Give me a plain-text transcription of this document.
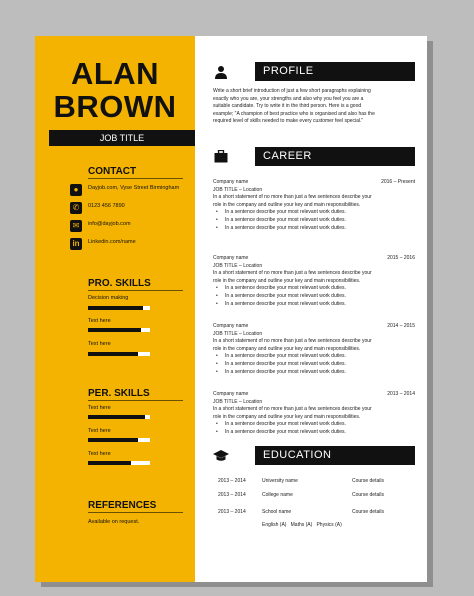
ALAN
BROWN
JOB TITLE
CONTACT
●	Dayjob.com, Vyse Street Birmingham
✆	0123 456 7890
✉	info@dayjob.com
in	Linkedin.com/name
PRO. SKILLS
Decision making
Text here
Text here
PER. SKILLS
Text here
Text here
Text here
REFERENCES
Available on request.
PROFILE
Write a short brief introduction of just a few short paragraphs explaining
exactly who you are, your strengths and also why you feel you are a
suitable candidate. Try to write it in the third person. Here is a good
example; "A champion of best practice who is organised and also has the
required level of skills needed to make every customer feel special."
CAREER
Company name	2016 – Present
JOB TITLE – Location
In a short statement of no more than just a few sentences describe your
role in the company and outline your key and main responsibilities.
• In a sentence describe your most relevant work duties.
• In a sentence describe your most relevant work duties.
• In a sentence describe your most relevant work duties.
Company name	2015 – 2016
JOB TITLE – Location
In a short statement of no more than just a few sentences describe your
role in the company and outline your key and main responsibilities.
• In a sentence describe your most relevant work duties.
• In a sentence describe your most relevant work duties.
• In a sentence describe your most relevant work duties.
Company name	2014 – 2015
JOB TITLE – Location
In a short statement of no more than just a few sentences describe your
role in the company and outline your key and main responsibilities.
• In a sentence describe your most relevant work duties.
• In a sentence describe your most relevant work duties.
• In a sentence describe your most relevant work duties.
Company name	2013 – 2014
JOB TITLE – Location
In a short statement of no more than just a few sentences describe your
role in the company and outline your key and main responsibilities.
• In a sentence describe your most relevant work duties.
• In a sentence describe your most relevant work duties.
EDUCATION
2013 – 2014	University name	Course details
2013 – 2014	College name	Course details
2013 – 2014	School name	Course details
English (A)   Maths (A)   Physics (A)
